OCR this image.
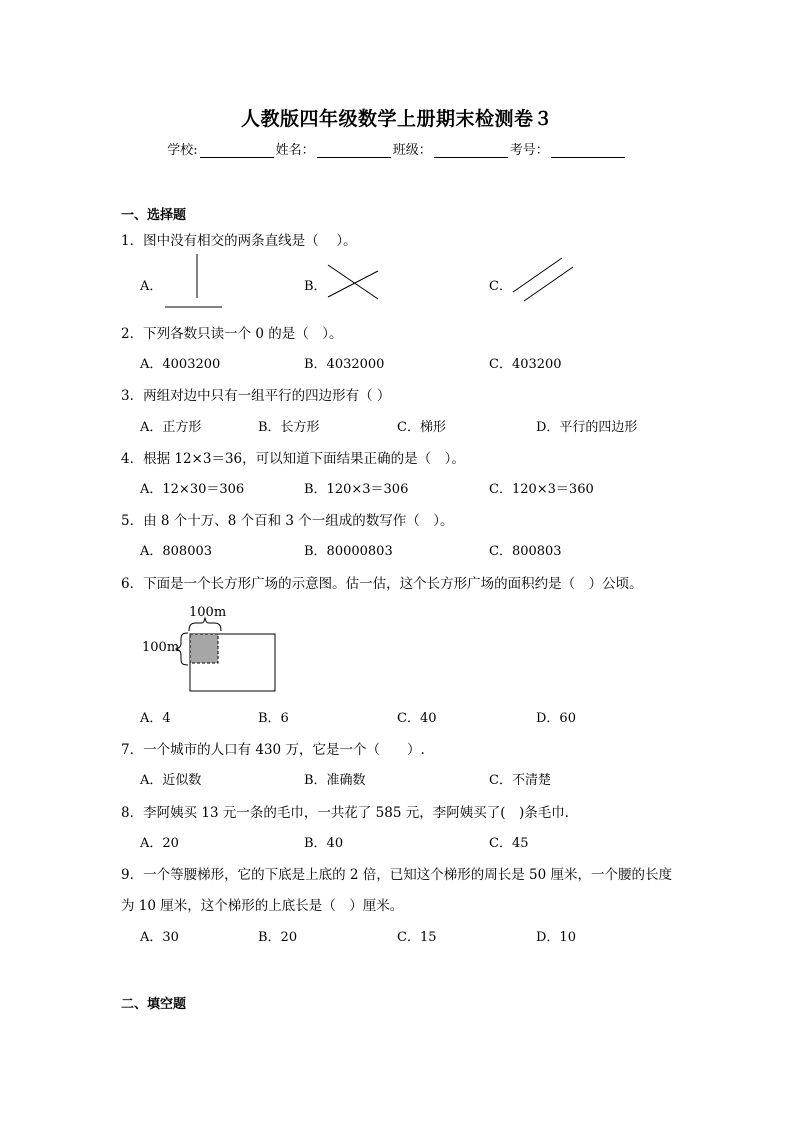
人教版四年级数学上册期末检测卷３
学校:	姓名：	班级：	考号：
一、选择题
1．图中没有相交的两条直线是（　 ）。
A．	B．	C．
2．下列各数只读一个 0 的是（　）。
A．4003200	B．4032000	C．403200
3．两组对边中只有一组平行的四边形有（ ）
A．正方形	B．长方形	C．梯形	D．平行的四边形
4．根据 12×3＝36，可以知道下面结果正确的是（　）。
A．12×30＝306	B．120×3＝306	C．120×3＝360
5．由 8 个十万、8 个百和 3 个一组成的数写作（　）。
A．808003	B．80000803	C．800803
6．下面是一个长方形广场的示意图。估一估，这个长方形广场的面积约是（　）公顷。
100m
100m
A．4	B．6	C．40	D．60
7．一个城市的人口有 430 万，它是一个（　　）.
A．近似数	B．准确数	C．不清楚
8．李阿姨买 13 元一条的毛巾，一共花了 585 元，李阿姨买了(　)条毛巾．
A．20	B．40	C．45
9．一个等腰梯形，它的下底是上底的 2 倍，已知这个梯形的周长是 50 厘米，一个腰的长度
为 10 厘米，这个梯形的上底长是（　）厘米。
A．30	B．20	C．15	D．10
二、填空题
